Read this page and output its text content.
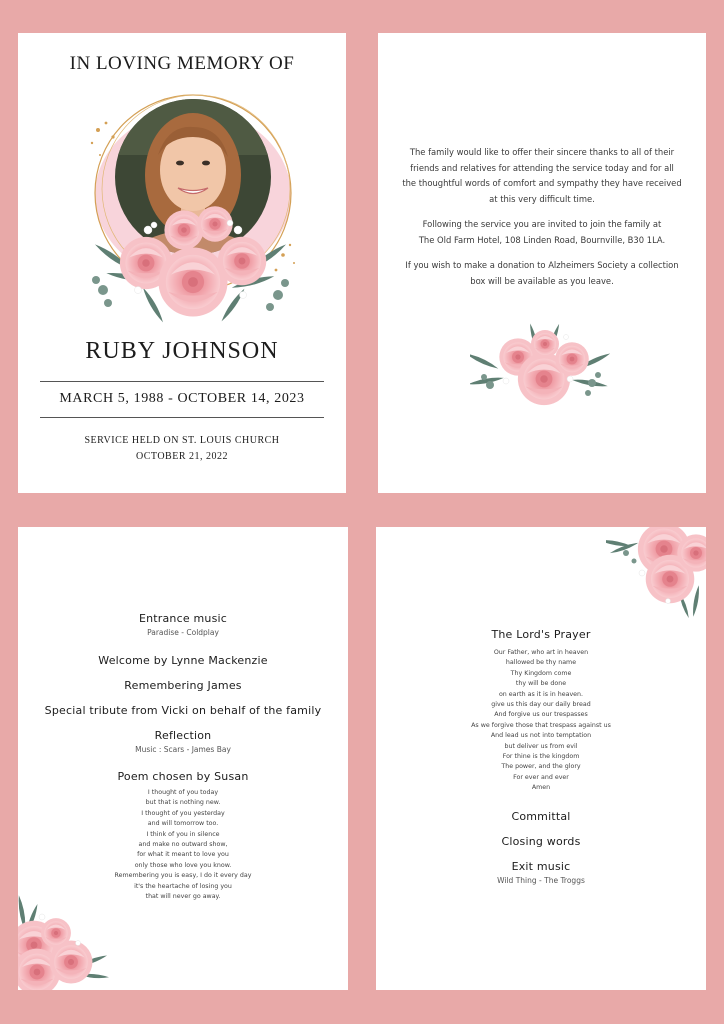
IN LOVING MEMORY OF
RUBY JOHNSON
MARCH 5, 1988 - OCTOBER 14, 2023
SERVICE HELD ON ST. LOUIS CHURCH
OCTOBER 21, 2022

The family would like to offer their sincere thanks to all of their
friends and relatives for attending the service today and for all
the thoughtful words of comfort and sympathy they have received
at this very difficult time.

Following the service you are invited to join the family at
The Old Farm Hotel, 108 Linden Road, Bournville, B30 1LA.

If you wish to make a donation to Alzheimers Society a collection
box will be available as you leave.

Entrance music
Paradise - Coldplay
Welcome by Lynne Mackenzie
Remembering James
Special tribute from Vicki on behalf of the family
Reflection
Music : Scars - James Bay
Poem chosen by Susan
I thought of you today
but that is nothing new.
I thought of you yesterday
and will tomorrow too.
I think of you in silence
and make no outward show,
for what it meant to love you
only those who love you know.
Remembering you is easy, I do it every day
it's the heartache of losing you
that will never go away.
The Lord's Prayer
Our Father, who art in heaven
hallowed be thy name
Thy Kingdom come
thy will be done
on earth as it is in heaven.
give us this day our daily bread
And forgive us our trespasses
As we forgive those that trespass against us
And lead us not into temptation
but deliver us from evil
For thine is the kingdom
The power, and the glory
For ever and ever
Amen
Committal
Closing words
Exit music
Wild Thing - The Troggs
